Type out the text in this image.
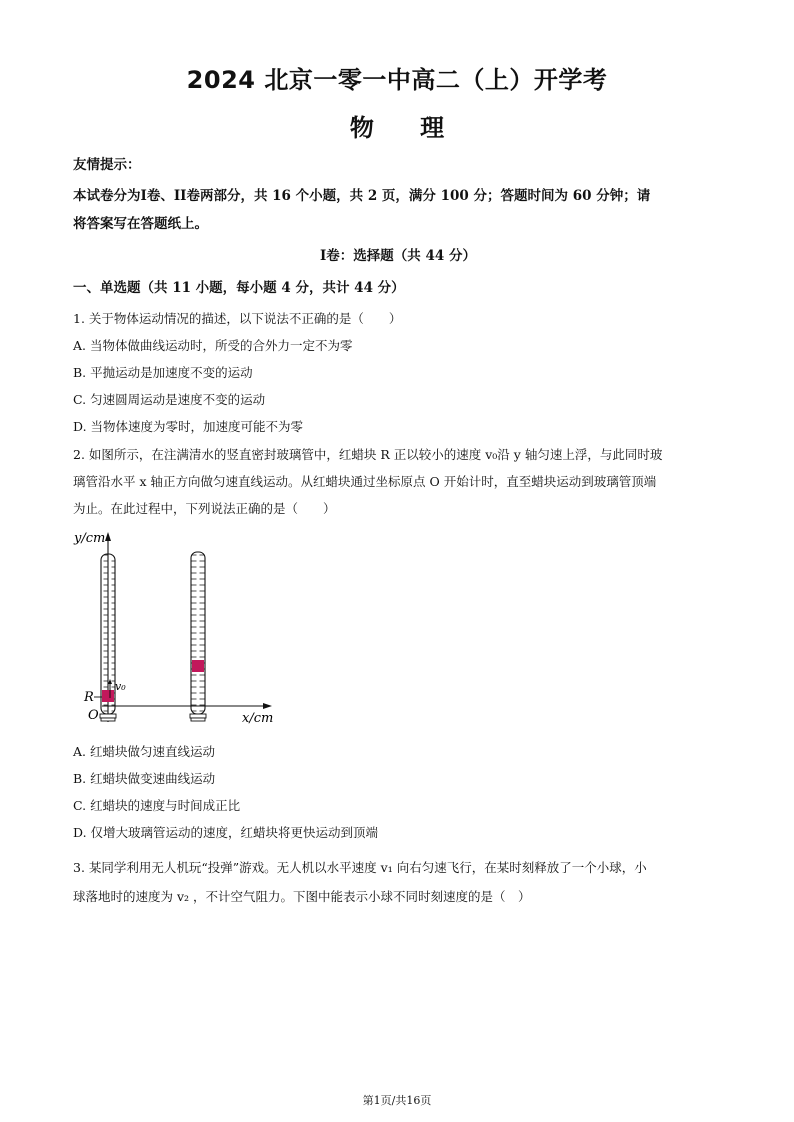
2024 北京一零一中高二（上）开学考
物 理
友情提示：
本试卷分为I卷、II卷两部分，共 16 个小题，共 2 页，满分 100 分；答题时间为 60 分钟；请
将答案写在答题纸上。
I卷：选择题（共 44 分）
一、单选题（共 11 小题，每小题 4 分，共计 44 分）
1. 关于物体运动情况的描述，以下说法不正确的是（　　）
A. 当物体做曲线运动时，所受的合外力一定不为零
B. 平抛运动是加速度不变的运动
C. 匀速圆周运动是速度不变的运动
D. 当物体速度为零时，加速度可能不为零
2. 如图所示，在注满清水的竖直密封玻璃管中，红蜡块 R 正以较小的速度 v₀沿 y 轴匀速上浮，与此同时玻
璃管沿水平 x 轴正方向做匀速直线运动。从红蜡块通过坐标原点 O 开始计时，直至蜡块运动到玻璃管顶端
为止。在此过程中，下列说法正确的是（　　）
y/cm
x/cm
R
O
v₀
A. 红蜡块做匀速直线运动
B. 红蜡块做变速曲线运动
C. 红蜡块的速度与时间成正比
D. 仅增大玻璃管运动的速度，红蜡块将更快运动到顶端
3. 某同学利用无人机玩“投弹”游戏。无人机以水平速度 v₁ 向右匀速飞行，在某时刻释放了一个小球，小
球落地时的速度为 v₂ ，不计空气阻力。下图中能表示小球不同时刻速度的是（　）
第1页/共16页
